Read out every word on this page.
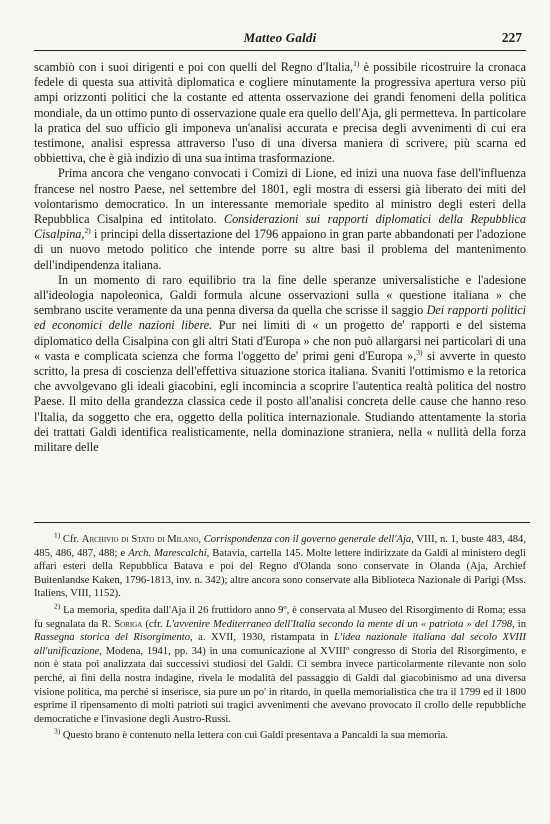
Matteo Galdi	227

scambiò con i suoi dirigenti e poi con quelli del Regno d'Italia,$^{1)}$ è possibile ricostruire la cronaca fedele di questa sua attività diplomatica e cogliere minutamente la progressiva apertura verso più ampi orizzonti politici che la costante ed attenta osservazione dei grandi fenomeni della politica mondiale, da un ottimo punto di osservazione quale era quello dell'Aja, gli permetteva. In particolare la pratica del suo ufficio gli imponeva un'analisi accurata e precisa degli avvenimenti di cui era testimone, analisi espressa attraverso l'uso di una diversa maniera di scrivere, più scarna ed obbiettiva, che è già indizio di una sua intima trasformazione.

Prima ancora che vengano convocati i Comizi di Lione, ed inizi una nuova fase dell'influenza francese nel nostro Paese, nel settembre del 1801, egli mostra di essersi già liberato dei miti del volontarismo democratico. In un interessante memoriale spedito al ministro degli esteri della Repubblica Cisalpina ed intitolato. Considerazioni sui rapporti diplomatici della Repubblica Cisalpina,$^{2)}$ i principi della dissertazione del 1796 appaiono in gran parte abbandonati per l'adozione di un nuovo metodo politico che intende porre su altre basi il problema del mantenimento dell'indipendenza italiana.

In un momento di raro equilibrio tra la fine delle speranze universalistiche e l'adesione all'ideologia napoleonica, Galdi formula alcune osservazioni sulla « questione italiana » che sembrano uscite veramente da una penna diversa da quella che scrisse il saggio Dei rapporti politici ed economici delle nazioni libere. Pur nei limiti di « un progetto de' rapporti e del sistema diplomatico della Cisalpina con gli altri Stati d'Europa » che non può allargarsi nei particolari di una « vasta e complicata scienza che forma l'oggetto de' primi geni d'Europa »,$^{3)}$ si avverte in questo scritto, la presa di coscienza dell'effettiva situazione storica italiana. Svaniti l'ottimismo e la retorica che avvolgevano gli ideali giacobini, egli incomincia a scoprire l'autentica realtà politica del nostro Paese. Il mito della grandezza classica cede il posto all'analisi concreta delle cause che hanno reso l'Italia, da soggetto che era, oggetto della politica internazionale. Studiando attentamente la storia dei trattati Galdi identifica realisticamente, nella dominazione straniera, nella « nullità della forza militare delle

$^{1)}$ Cfr. Archivio di Stato di Milano, Corrispondenza con il governo generale dell'Aja, VIII, n. 1, buste 483, 484, 485, 486, 487, 488; e Arch. Marescalchi, Batavia, cartella 145. Molte lettere indirizzate da Galdi al ministero degli affari esteri della Repubblica Batava e poi del Regno d'Olanda sono conservate in Olanda (Aja, Archief Buitenlandse Kaken, 1796-1813, inv. n. 342); altre ancora sono conservate alla Biblioteca Nazionale di Parigi (Mss. Italiens, VIII, 1152).

$^{2)}$ La memoria, spedita dall'Aja il 26 fruttidoro anno 9º, è conservata al Museo del Risorgimento di Roma; essa fu segnalata da R. Soriga (cfr. L'avvenire Mediterraneo dell'Italia secondo la mente di un « patriota » del 1798, in Rassegna storica del Risorgimento, a. XVII, 1930, ristampata in L'idea nazionale italiana dal secolo XVIII all'unificazione, Modena, 1941, pp. 34) in una comunicazione al XVIIIº congresso di Storia del Risorgimento, e non è stata poi analizzata dai successivi studiosi del Galdi. Ci sembra invece particolarmente rilevante non solo perché, ai fini della nostra indagine, rivela le modalità del passaggio di Galdi dal giacobinismo ad una diversa visione politica, ma perché si inserisce, sia pure un po' in ritardo, in quella memorialistica che tra il 1799 ed il 1800 esprime il ripensamento di molti patrioti sui tragici avvenimenti che avevano provocato il crollo delle repubbliche democratiche e l'invasione degli Austro-Russi.

$^{3)}$ Questo brano è contenuto nella lettera con cui Galdi presentava a Pancaldi la sua memoria.
